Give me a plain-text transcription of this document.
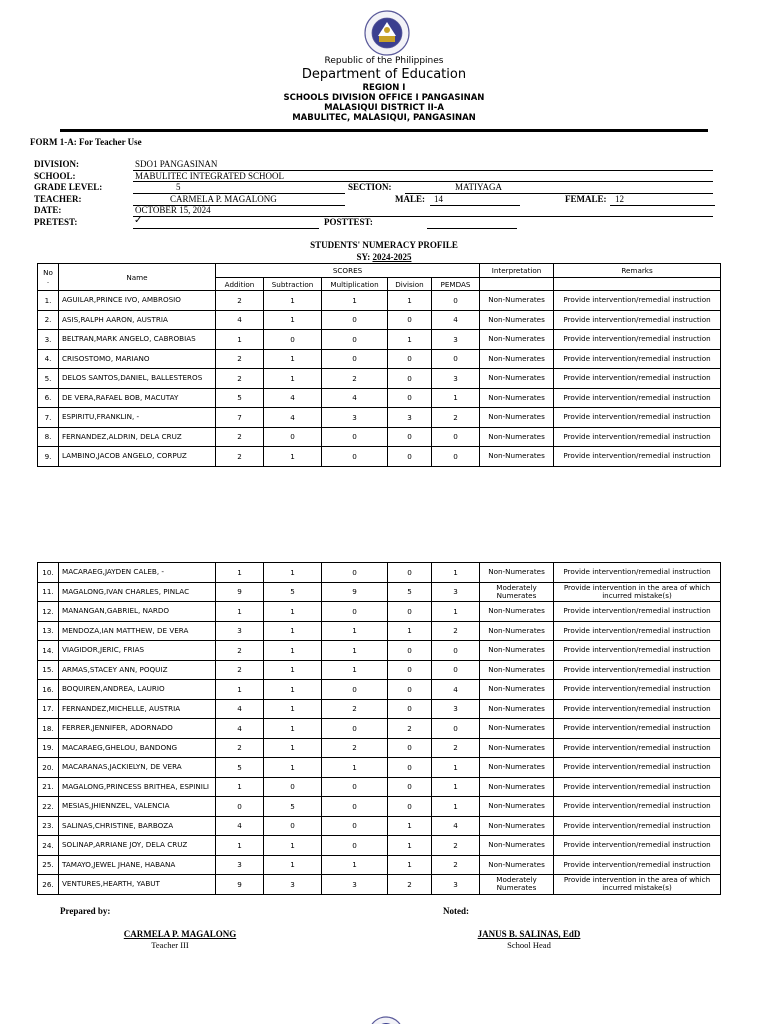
Republic of the Philippines
Department of Education
REGION I
SCHOOLS DIVISION OFFICE I PANGASINAN
MALASIQUI DISTRICT II-A
MABULITEC, MALASIQUI, PANGASINAN
FORM 1-A: For Teacher Use
DIVISION:	SDO1 PANGASINAN
SCHOOL:	MABULITEC INTEGRATED SCHOOL
GRADE LEVEL:	5	SECTION:	MATIYAGA
TEACHER:	CARMELA P. MAGALONG	MALE: 14	FEMALE: 12
DATE:	OCTOBER 15, 2024
PRETEST:	✓	POSTTEST:
STUDENTS' NUMERACY PROFILE
SY: 2024-2025
No
.	Name	SCORES					Interpretation	Remarks
		Addition	Subtraction	Multiplication	Division	PEMDAS		
1.	AGUILAR,PRINCE IVO, AMBROSIO	2	1	1	1	0	Non-Numerates	Provide intervention/remedial instruction
2.	ASIS,RALPH AARON, AUSTRIA	4	1	0	0	4	Non-Numerates	Provide intervention/remedial instruction
3.	BELTRAN,MARK ANGELO, CABROBIAS	1	0	0	1	3	Non-Numerates	Provide intervention/remedial instruction
4.	CRISOSTOMO, MARIANO	2	1	0	0	0	Non-Numerates	Provide intervention/remedial instruction
5.	DELOS SANTOS,DANIEL, BALLESTEROS	2	1	2	0	3	Non-Numerates	Provide intervention/remedial instruction
6.	DE VERA,RAFAEL BOB, MACUTAY	5	4	4	0	1	Non-Numerates	Provide intervention/remedial instruction
7.	ESPIRITU,FRANKLIN, -	7	4	3	3	2	Non-Numerates	Provide intervention/remedial instruction
8.	FERNANDEZ,ALDRIN, DELA CRUZ	2	0	0	0	0	Non-Numerates	Provide intervention/remedial instruction
9.	LAMBINO,JACOB ANGELO, CORPUZ	2	1	0	0	0	Non-Numerates	Provide intervention/remedial instruction
10.	MACARAEG,JAYDEN CALEB, -	1	1	0	0	1	Non-Numerates	Provide intervention/remedial instruction
11.	MAGALONG,IVAN CHARLES, PINLAC	9	5	9	5	3	Moderately Numerates	Provide intervention in the area of which incurred mistake(s)
12.	MANANGAN,GABRIEL, NARDO	1	1	0	0	1	Non-Numerates	Provide intervention/remedial instruction
13.	MENDOZA,IAN MATTHEW, DE VERA	3	1	1	1	2	Non-Numerates	Provide intervention/remedial instruction
14.	VIAGIDOR,JERIC, FRIAS	2	1	1	0	0	Non-Numerates	Provide intervention/remedial instruction
15.	ARMAS,STACEY ANN, POQUIZ	2	1	1	0	0	Non-Numerates	Provide intervention/remedial instruction
16.	BOQUIREN,ANDREA, LAURIO	1	1	0	0	4	Non-Numerates	Provide intervention/remedial instruction
17.	FERNANDEZ,MICHELLE, AUSTRIA	4	1	2	0	3	Non-Numerates	Provide intervention/remedial instruction
18.	FERRER,JENNIFER, ADORNADO	4	1	0	2	0	Non-Numerates	Provide intervention/remedial instruction
19.	MACARAEG,GHELOU, BANDONG	2	1	2	0	2	Non-Numerates	Provide intervention/remedial instruction
20.	MACARANAS,JACKIELYN, DE VERA	5	1	1	0	1	Non-Numerates	Provide intervention/remedial instruction
21.	MAGALONG,PRINCESS BRITHEA, ESPINILI	1	0	0	0	1	Non-Numerates	Provide intervention/remedial instruction
22.	MESIAS,JHIENNZEL, VALENCIA	0	5	0	0	1	Non-Numerates	Provide intervention/remedial instruction
23.	SALINAS,CHRISTINE, BARBOZA	4	0	0	1	4	Non-Numerates	Provide intervention/remedial instruction
24.	SOLINAP,ARRIANE JOY, DELA CRUZ	1	1	0	1	2	Non-Numerates	Provide intervention/remedial instruction
25.	TAMAYO,JEWEL JHANE, HABANA	3	1	1	1	2	Non-Numerates	Provide intervention/remedial instruction
26.	VENTURES,HEARTH, YABUT	9	3	3	2	3	Moderately Numerates	Provide intervention in the area of which incurred mistake(s)
Prepared by:
CARMELA P. MAGALONG
Teacher III
Noted:
JANUS B. SALINAS, EdD
School Head
